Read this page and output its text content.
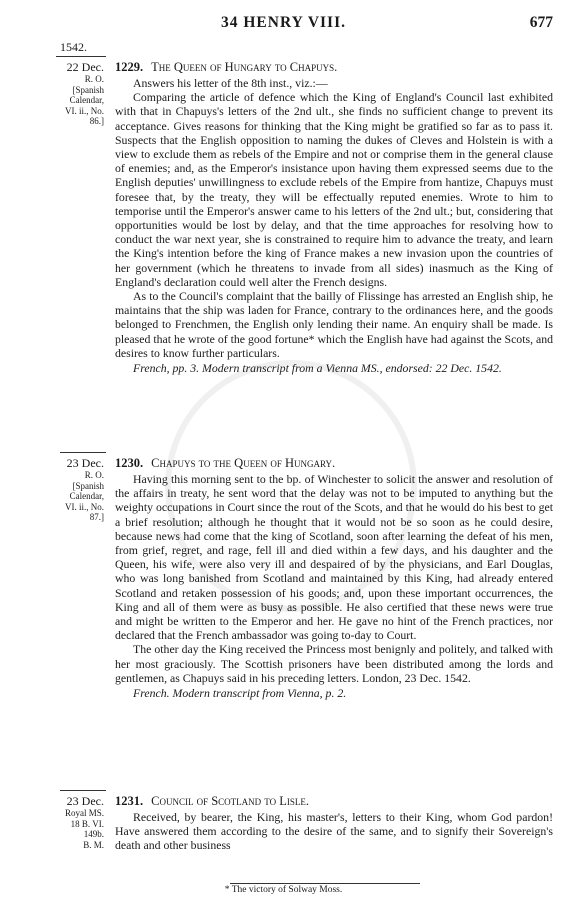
34 HENRY VIII.	677
1542.
22 Dec.
R. O.
[Spanish
Calendar,
VI. ii., No.
86.]

1229. The Queen of Hungary to Chapuys.

Answers his letter of the 8th inst., viz.:—

Comparing the article of defence which the King of England's Council last exhibited with that in Chapuys's letters of the 2nd ult., she finds no sufficient change to prevent its acceptance. Gives reasons for thinking that the King might be gratified so far as to pass it. Suspects that the English opposition to naming the dukes of Cleves and Holstein is with a view to exclude them as rebels of the Empire and not or comprise them in the general clause of enemies; and, as the Emperor's insistance upon having them expressed seems due to the English deputies' unwillingness to exclude rebels of the Empire from hantize, Chapuys must foresee that, by the treaty, they will be effectually reputed enemies. Wrote to him to temporise until the Emperor's answer came to his letters of the 2nd ult.; but, considering that opportunities would be lost by delay, and that the time approaches for resolving how to conduct the war next year, she is constrained to require him to advance the treaty, and learn the King's intention before the king of France makes a new invasion upon the countries of her government (which he threatens to invade from all sides) inasmuch as the King of England's declaration could well alter the French designs.

As to the Council's complaint that the bailly of Flissinge has arrested an English ship, he maintains that the ship was laden for France, contrary to the ordinances here, and the goods belonged to Frenchmen, the English only lending their name. An enquiry shall be made. Is pleased that he wrote of the good fortune* which the English have had against the Scots, and desires to know further particulars.

French, pp. 3. Modern transcript from a Vienna MS., endorsed: 22 Dec. 1542.

23 Dec.
R. O.
[Spanish
Calendar,
VI. ii., No.
87.]

1230. Chapuys to the Queen of Hungary.

Having this morning sent to the bp. of Winchester to solicit the answer and resolution of the affairs in treaty, he sent word that the delay was not to be imputed to anything but the weighty occupations in Court since the rout of the Scots, and that he would do his best to get a brief resolution; although he thought that it would not be so soon as he could desire, because news had come that the king of Scotland, soon after learning the defeat of his men, from grief, regret, and rage, fell ill and died within a few days, and his daughter and the Queen, his wife, were also very ill and despaired of by the physicians, and Earl Douglas, who was long banished from Scotland and maintained by this King, had already entered Scotland and retaken possession of his goods; and, upon these important occurrences, the King and all of them were as busy as possible. He also certified that these news were true and might be written to the Emperor and her. He gave no hint of the French practices, nor declared that the French ambassador was going to-day to Court.

The other day the King received the Princess most benignly and politely, and talked with her most graciously. The Scottish prisoners have been distributed among the lords and gentlemen, as Chapuys said in his preceding letters. London, 23 Dec. 1542.

French. Modern transcript from Vienna, p. 2.

23 Dec.
Royal MS.
18 B. VI.
149b.
B. M.

1231. Council of Scotland to Lisle.

Received, by bearer, the King, his master's, letters to their King, whom God pardon! Have answered them according to the desire of the same, and to signify their Sovereign's death and other business

* The victory of Solway Moss.
